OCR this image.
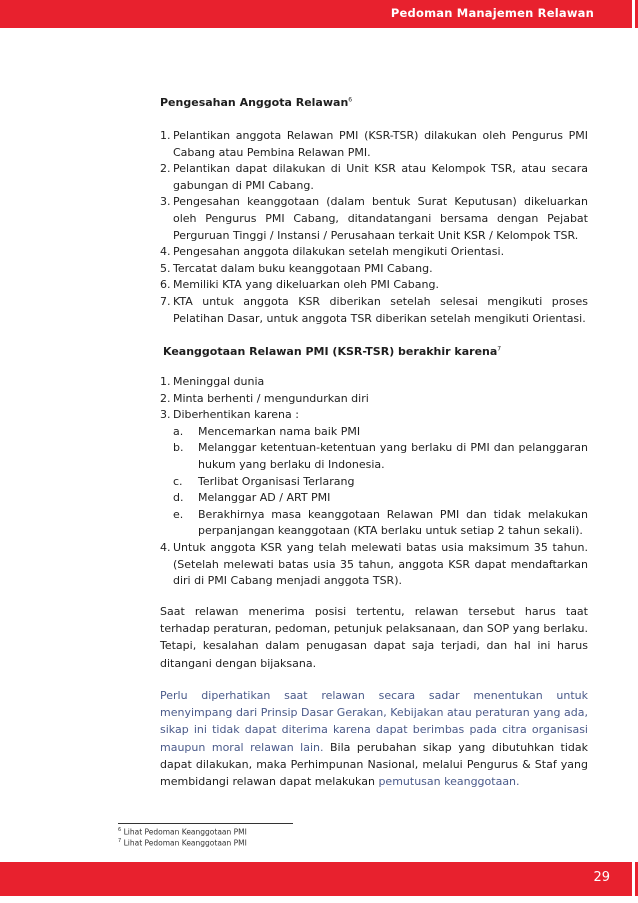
Pedoman Manajemen Relawan
Pengesahan Anggota Relawan$^6$
1. Pelantikan anggota Relawan PMI (KSR-TSR) dilakukan oleh Pengurus PMI Cabang atau Pembina Relawan PMI.
2. Pelantikan dapat dilakukan di Unit KSR atau Kelompok TSR, atau secara gabungan di PMI Cabang.
3. Pengesahan keanggotaan (dalam bentuk Surat Keputusan) dikeluarkan oleh Pengurus PMI Cabang, ditandatangani bersama dengan Pejabat Perguruan Tinggi / Instansi / Perusahaan terkait Unit KSR / Kelompok TSR.
4. Pengesahan anggota dilakukan setelah mengikuti Orientasi.
5. Tercatat dalam buku keanggotaan PMI Cabang.
6. Memiliki KTA yang dikeluarkan oleh PMI Cabang.
7. KTA untuk anggota KSR diberikan setelah selesai mengikuti proses Pelatihan Dasar, untuk anggota TSR diberikan setelah mengikuti Orientasi.
Keanggotaan Relawan PMI (KSR-TSR) berakhir karena$^7$
1. Meninggal dunia
2. Minta berhenti / mengundurkan diri
3. Diberhentikan karena :
a. Mencemarkan nama baik PMI
b. Melanggar ketentuan-ketentuan yang berlaku di PMI dan pelanggaran hukum yang berlaku di Indonesia.
c. Terlibat Organisasi Terlarang
d. Melanggar AD / ART PMI
e. Berakhirnya masa keanggotaan Relawan PMI dan tidak melakukan perpanjangan keanggotaan (KTA berlaku untuk setiap 2 tahun sekali).
4. Untuk anggota KSR yang telah melewati batas usia maksimum 35 tahun. (Setelah melewati batas usia 35 tahun, anggota KSR dapat mendaftarkan diri di PMI Cabang menjadi anggota TSR).

Saat relawan menerima posisi tertentu, relawan tersebut harus taat terhadap peraturan, pedoman, petunjuk pelaksanaan, dan SOP yang berlaku. Tetapi, kesalahan dalam penugasan dapat saja terjadi, dan hal ini harus ditangani dengan bijaksana.

Perlu diperhatikan saat relawan secara sadar menentukan untuk menyimpang dari Prinsip Dasar Gerakan, Kebijakan atau peraturan yang ada, sikap ini tidak dapat diterima karena dapat berimbas pada citra organisasi maupun moral relawan lain. Bila perubahan sikap yang dibutuhkan tidak dapat dilakukan, maka Perhimpunan Nasional, melalui Pengurus & Staf yang membidangi relawan dapat melakukan pemutusan keanggotaan.

$^6$ Lihat Pedoman Keanggotaan PMI
$^7$ Lihat Pedoman Keanggotaan PMI
29
